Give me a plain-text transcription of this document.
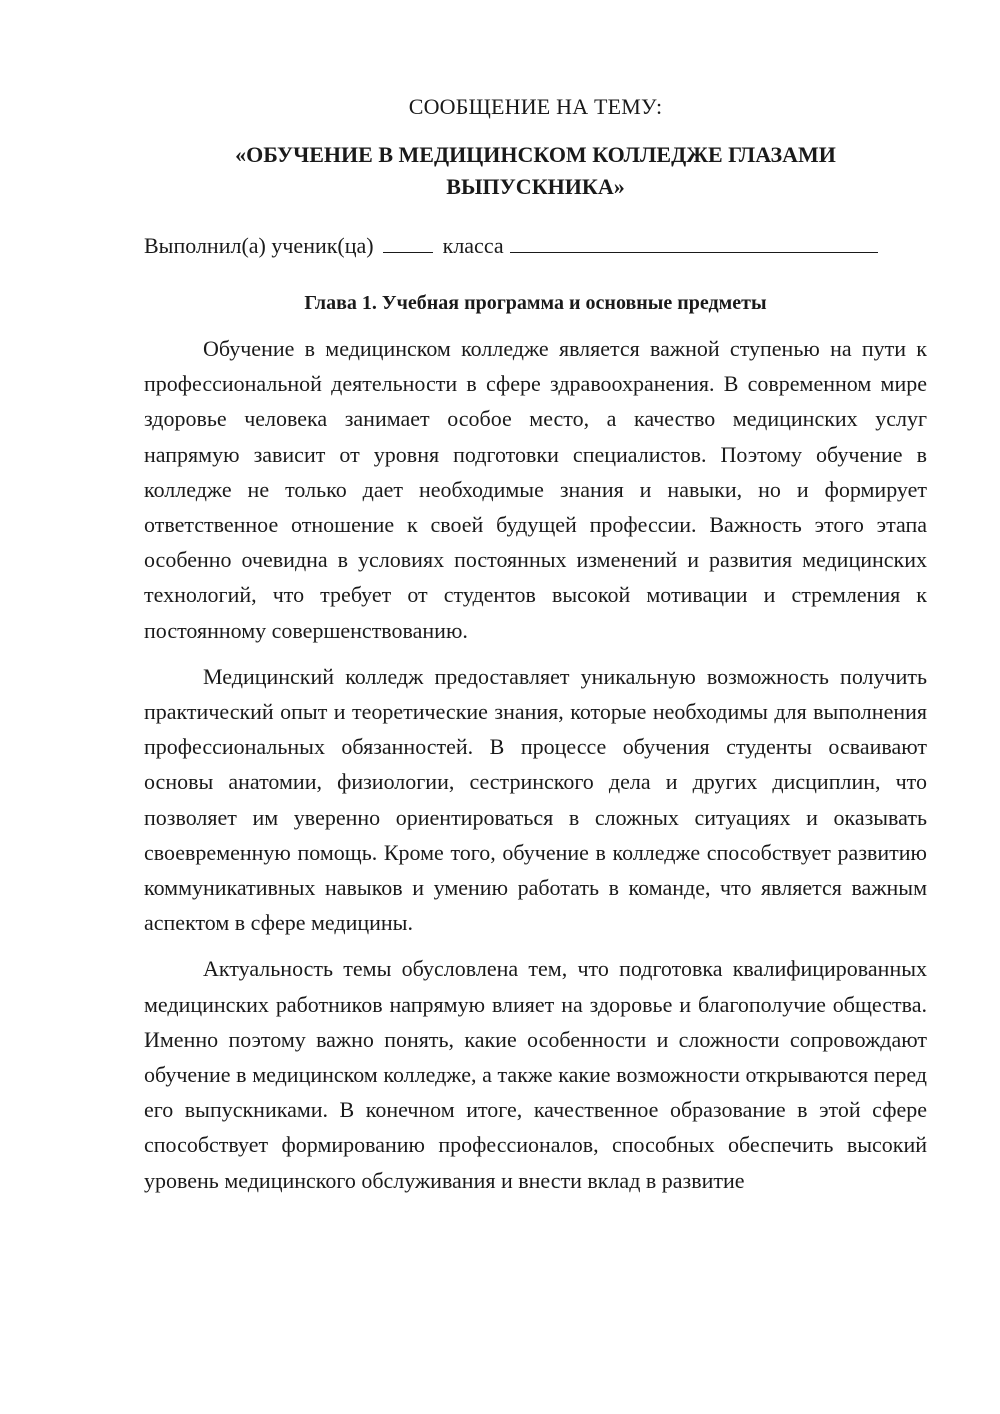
СООБЩЕНИЕ НА ТЕМУ:

«ОБУЧЕНИЕ В МЕДИЦИНСКОМ КОЛЛЕДЖЕ ГЛАЗАМИ ВЫПУСКНИКА»

Выполнил(а) ученик(ца)	класса

Глава 1. Учебная программа и основные предметы

Обучение в медицинском колледже является важной ступенью на пути к профессиональной деятельности в сфере здравоохранения. В современном мире здоровье человека занимает особое место, а качество медицинских услуг напрямую зависит от уровня подготовки специалистов. Поэтому обучение в колледже не только дает необходимые знания и навыки, но и формирует ответственное отношение к своей будущей профессии. Важность этого этапа особенно очевидна в условиях постоянных изменений и развития медицинских технологий, что требует от студентов высокой мотивации и стремления к постоянному совершенствованию.

Медицинский колледж предоставляет уникальную возможность получить практический опыт и теоретические знания, которые необходимы для выполнения профессиональных обязанностей. В процессе обучения студенты осваивают основы анатомии, физиологии, сестринского дела и других дисциплин, что позволяет им уверенно ориентироваться в сложных ситуациях и оказывать своевременную помощь. Кроме того, обучение в колледже способствует развитию коммуникативных навыков и умению работать в команде, что является важным аспектом в сфере медицины.

Актуальность темы обусловлена тем, что подготовка квалифицированных медицинских работников напрямую влияет на здоровье и благополучие общества. Именно поэтому важно понять, какие особенности и сложности сопровождают обучение в медицинском колледже, а также какие возможности открываются перед его выпускниками. В конечном итоге, качественное образование в этой сфере способствует формированию профессионалов, способных обеспечить высокий уровень медицинского обслуживания и внести вклад в развитие
